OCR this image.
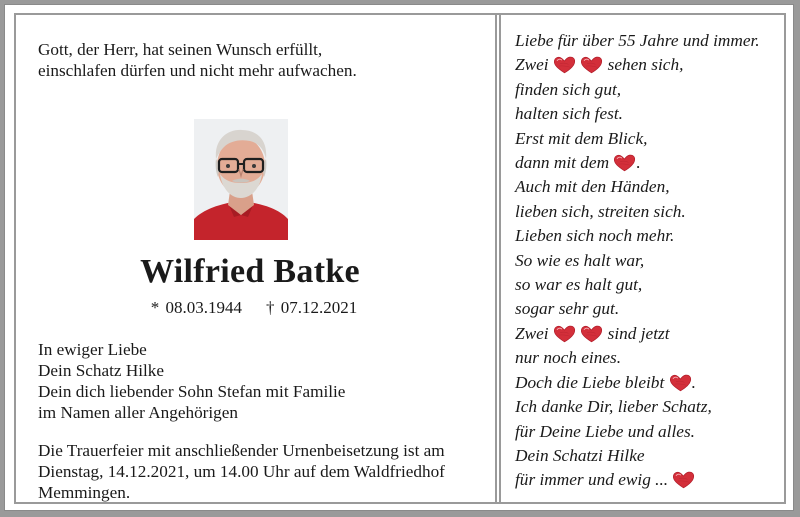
Gott, der Herr, hat seinen Wunsch erfüllt,
einschlafen dürfen und nicht mehr aufwachen.

Wilfried Batke
* 08.03.1944 † 07.12.2021

In ewiger Liebe
Dein Schatz Hilke
Dein dich liebender Sohn Stefan mit Familie
im Namen aller Angehörigen

Die Trauerfeier mit anschließender Urnenbeisetzung ist am
Dienstag, 14.12.2021, um 14.00 Uhr auf dem Waldfriedhof
Memmingen.

Liebe für über 55 Jahre und immer.
Zwei
	sehen sich,
finden sich gut,
halten sich fest.
Erst mit dem Blick,
dann mit dem .
Auch mit den Händen,
lieben sich, streiten sich.
Lieben sich noch mehr.
So wie es halt war,
so war es halt gut,
sogar sehr gut.
Zwei
	sind jetzt
nur noch eines.
Doch die Liebe bleibt .
Ich danke Dir, lieber Schatz,
für Deine Liebe und alles.
Dein Schatzi Hilke
für immer und ewig ...
